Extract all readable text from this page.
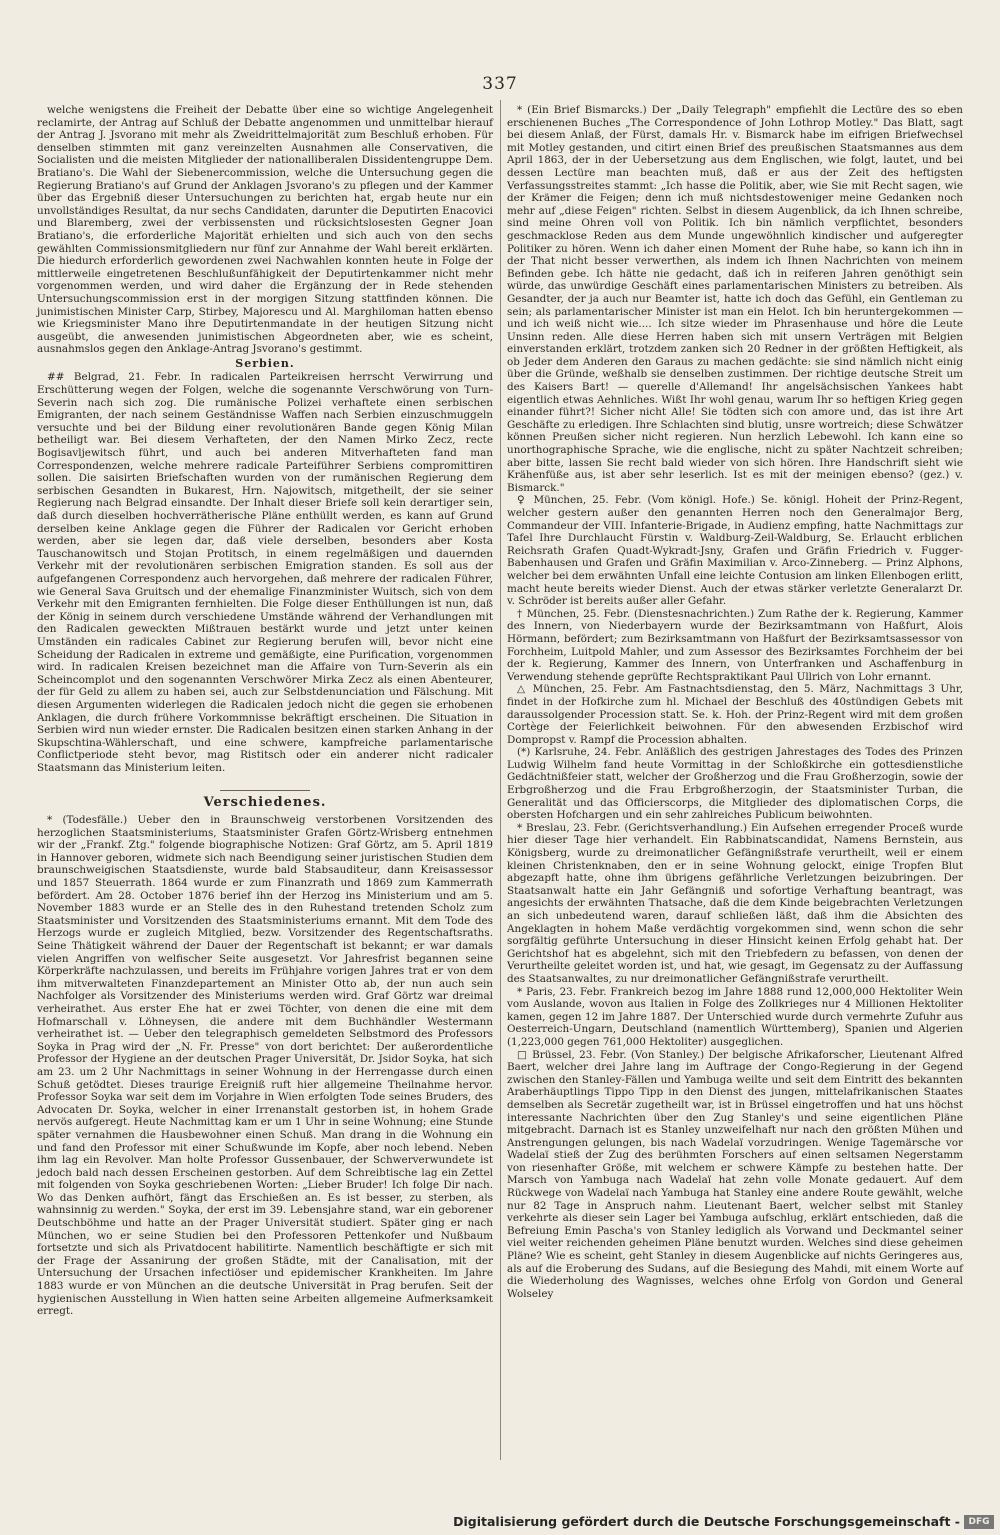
337

welche wenigstens die Freiheit der Debatte über eine so wichtige Angelegenheit reclamirte, der Antrag auf Schluß der Debatte angenommen und unmittelbar hierauf der Antrag J. Jsvorano mit mehr als Zweidrittelmajorität zum Beschluß erhoben. Für denselben stimmten mit ganz vereinzelten Ausnahmen alle Conservativen, die Socialisten und die meisten Mitglieder der nationalliberalen Dissidentengruppe Dem. Bratiano's. Die Wahl der Siebenercommission, welche die Untersuchung gegen die Regierung Bratiano's auf Grund der Anklagen Jsvorano's zu pflegen und der Kammer über das Ergebniß dieser Untersuchungen zu berichten hat, ergab heute nur ein unvollständiges Resultat, da nur sechs Candidaten, darunter die Deputirten Enacovici und Blaremberg, zwei der verbissensten und rücksichtslosesten Gegner Joan Bratiano's, die erforderliche Majorität erhielten und sich auch von den sechs gewählten Commissionsmitgliedern nur fünf zur Annahme der Wahl bereit erklärten. Die hiedurch erforderlich gewordenen zwei Nachwahlen konnten heute in Folge der mittlerweile eingetretenen Beschlußunfähigkeit der Deputirtenkammer nicht mehr vorgenommen werden, und wird daher die Ergänzung der in Rede stehenden Untersuchungscommission erst in der morgigen Sitzung stattfinden können. Die junimistischen Minister Carp, Stirbey, Majorescu und Al. Marghiloman hatten ebenso wie Kriegsminister Mano ihre Deputirtenmandate in der heutigen Sitzung nicht ausgeübt, die anwesenden junimistischen Abgeordneten aber, wie es scheint, ausnahmslos gegen den Anklage-Antrag Jsvorano's gestimmt.

Serbien.

## Belgrad, 21. Febr. In radicalen Parteikreisen herrscht Verwirrung und Erschütterung wegen der Folgen, welche die sogenannte Verschwörung von Turn-Severin nach sich zog. Die rumänische Polizei verhaftete einen serbischen Emigranten, der nach seinem Geständnisse Waffen nach Serbien einzuschmuggeln versuchte und bei der Bildung einer revolutionären Bande gegen König Milan betheiligt war. Bei diesem Verhafteten, der den Namen Mirko Zecz, recte Bogisavljewitsch führt, und auch bei anderen Mitverhafteten fand man Correspondenzen, welche mehrere radicale Parteiführer Serbiens compromittiren sollen. Die saisirten Briefschaften wurden von der rumänischen Regierung dem serbischen Gesandten in Bukarest, Hrn. Najowitsch, mitgetheilt, der sie seiner Regierung nach Belgrad einsandte. Der Inhalt dieser Briefe soll kein derartiger sein, daß durch dieselben hochverrätherische Pläne enthüllt werden, es kann auf Grund derselben keine Anklage gegen die Führer der Radicalen vor Gericht erhoben werden, aber sie legen dar, daß viele derselben, besonders aber Kosta Tauschanowitsch und Stojan Protitsch, in einem regelmäßigen und dauernden Verkehr mit der revolutionären serbischen Emigration standen. Es soll aus der aufgefangenen Correspondenz auch hervorgehen, daß mehrere der radicalen Führer, wie General Sava Gruitsch und der ehemalige Finanzminister Wuitsch, sich von dem Verkehr mit den Emigranten fernhielten. Die Folge dieser Enthüllungen ist nun, daß der König in seinem durch verschiedene Umstände während der Verhandlungen mit den Radicalen geweckten Mißtrauen bestärkt wurde und jetzt unter keinen Umständen ein radicales Cabinet zur Regierung berufen will, bevor nicht eine Scheidung der Radicalen in extreme und gemäßigte, eine Purification, vorgenommen wird. In radicalen Kreisen bezeichnet man die Affaire von Turn-Severin als ein Scheincomplot und den sogenannten Verschwörer Mirka Zecz als einen Abenteurer, der für Geld zu allem zu haben sei, auch zur Selbstdenunciation und Fälschung. Mit diesen Argumenten widerlegen die Radicalen jedoch nicht die gegen sie erhobenen Anklagen, die durch frühere Vorkommnisse bekräftigt erscheinen. Die Situation in Serbien wird nun wieder ernster. Die Radicalen besitzen einen starken Anhang in der Skupschtina-Wählerschaft, und eine schwere, kampfreiche parlamentarische Conflictperiode steht bevor, mag Ristitsch oder ein anderer nicht radicaler Staatsmann das Ministerium leiten.

Verschiedenes.

* (Todesfälle.) Ueber den in Braunschweig verstorbenen Vorsitzenden des herzoglichen Staatsministeriums, Staatsminister Grafen Görtz-Wrisberg entnehmen wir der „Frankf. Ztg." folgende biographische Notizen: Graf Görtz, am 5. April 1819 in Hannover geboren, widmete sich nach Beendigung seiner juristischen Studien dem braunschweigischen Staatsdienste, wurde bald Stabsauditeur, dann Kreisassessor und 1857 Steuerrath. 1864 wurde er zum Finanzrath und 1869 zum Kammerrath befördert. Am 28. October 1876 berief ihn der Herzog ins Ministerium und am 5. November 1883 wurde er an Stelle des in den Ruhestand tretenden Scholz zum Staatsminister und Vorsitzenden des Staatsministeriums ernannt. Mit dem Tode des Herzogs wurde er zugleich Mitglied, bezw. Vorsitzender des Regentschaftsraths. Seine Thätigkeit während der Dauer der Regentschaft ist bekannt; er war damals vielen Angriffen von welfischer Seite ausgesetzt. Vor Jahresfrist begannen seine Körperkräfte nachzulassen, und bereits im Frühjahre vorigen Jahres trat er von dem ihm mitverwalteten Finanzdepartement an Minister Otto ab, der nun auch sein Nachfolger als Vorsitzender des Ministeriums werden wird. Graf Görtz war dreimal verheirathet. Aus erster Ehe hat er zwei Töchter, von denen die eine mit dem Hofmarschall v. Löhneysen, die andere mit dem Buchhändler Westermann verheirathet ist. — Ueber den telegraphisch gemeldeten Selbstmord des Professors Soyka in Prag wird der „N. Fr. Presse" von dort berichtet: Der außerordentliche Professor der Hygiene an der deutschen Prager Universität, Dr. Jsidor Soyka, hat sich am 23. um 2 Uhr Nachmittags in seiner Wohnung in der Herrengasse durch einen Schuß getödtet. Dieses traurige Ereigniß ruft hier allgemeine Theilnahme hervor. Professor Soyka war seit dem im Vorjahre in Wien erfolgten Tode seines Bruders, des Advocaten Dr. Soyka, welcher in einer Irrenanstalt gestorben ist, in hohem Grade nervös aufgeregt. Heute Nachmittag kam er um 1 Uhr in seine Wohnung; eine Stunde später vernahmen die Hausbewohner einen Schuß. Man drang in die Wohnung ein und fand den Professor mit einer Schußwunde im Kopfe, aber noch lebend. Neben ihm lag ein Revolver. Man holte Professor Gussenbauer, der Schwerverwundete ist jedoch bald nach dessen Erscheinen gestorben. Auf dem Schreibtische lag ein Zettel mit folgenden von Soyka geschriebenen Worten: „Lieber Bruder! Ich folge Dir nach. Wo das Denken aufhört, fängt das Erschießen an. Es ist besser, zu sterben, als wahnsinnig zu werden." Soyka, der erst im 39. Lebensjahre stand, war ein geborener Deutschböhme und hatte an der Prager Universität studiert. Später ging er nach München, wo er seine Studien bei den Professoren Pettenkofer und Nußbaum fortsetzte und sich als Privatdocent habilitirte. Namentlich beschäftigte er sich mit der Frage der Assanirung der großen Städte, mit der Canalisation, mit der Untersuchung der Ursachen infectiöser und epidemischer Krankheiten. Im Jahre 1883 wurde er von München an die deutsche Universität in Prag berufen. Seit der hygienischen Ausstellung in Wien hatten seine Arbeiten allgemeine Aufmerksamkeit erregt.

* (Ein Brief Bismarcks.) Der „Daily Telegraph" empfiehlt die Lectüre des so eben erschienenen Buches „The Correspondence of John Lothrop Motley." Das Blatt, sagt bei diesem Anlaß, der Fürst, damals Hr. v. Bismarck habe im eifrigen Briefwechsel mit Motley gestanden, und citirt einen Brief des preußischen Staatsmannes aus dem April 1863, der in der Uebersetzung aus dem Englischen, wie folgt, lautet, und bei dessen Lectüre man beachten muß, daß er aus der Zeit des heftigsten Verfassungsstreites stammt: „Ich hasse die Politik, aber, wie Sie mit Recht sagen, wie der Krämer die Feigen; denn ich muß nichtsdestoweniger meine Gedanken noch mehr auf „diese Feigen" richten. Selbst in diesem Augenblick, da ich Ihnen schreibe, sind meine Ohren voll von Politik. Ich bin nämlich verpflichtet, besonders geschmacklose Reden aus dem Munde ungewöhnlich kindischer und aufgeregter Politiker zu hören. Wenn ich daher einen Moment der Ruhe habe, so kann ich ihn in der That nicht besser verwerthen, als indem ich Ihnen Nachrichten von meinem Befinden gebe. Ich hätte nie gedacht, daß ich in reiferen Jahren genöthigt sein würde, das unwürdige Geschäft eines parlamentarischen Ministers zu betreiben. Als Gesandter, der ja auch nur Beamter ist, hatte ich doch das Gefühl, ein Gentleman zu sein; als parlamentarischer Minister ist man ein Helot. Ich bin heruntergekommen — und ich weiß nicht wie.... Ich sitze wieder im Phrasenhause und höre die Leute Unsinn reden. Alle diese Herren haben sich mit unsern Verträgen mit Belgien einverstanden erklärt, trotzdem zanken sich 20 Redner in der größten Heftigkeit, als ob Jeder dem Anderen den Garaus zu machen gedächte: sie sind nämlich nicht einig über die Gründe, weßhalb sie denselben zustimmen. Der richtige deutsche Streit um des Kaisers Bart! — querelle d'Allemand! Ihr angelsächsischen Yankees habt eigentlich etwas Aehnliches. Wißt Ihr wohl genau, warum Ihr so heftigen Krieg gegen einander führt?! Sicher nicht Alle! Sie tödten sich con amore und, das ist ihre Art Geschäfte zu erledigen. Ihre Schlachten sind blutig, unsre wortreich; diese Schwätzer können Preußen sicher nicht regieren. Nun herzlich Lebewohl. Ich kann eine so unorthographische Sprache, wie die englische, nicht zu später Nachtzeit schreiben; aber bitte, lassen Sie recht bald wieder von sich hören. Ihre Handschrift sieht wie Krähenfüße aus, ist aber sehr leserlich. Ist es mit der meinigen ebenso? (gez.) v. Bismarck."

♀ München, 25. Febr. (Vom königl. Hofe.) Se. königl. Hoheit der Prinz-Regent, welcher gestern außer den genannten Herren noch den Generalmajor Berg, Commandeur der VIII. Infanterie-Brigade, in Audienz empfing, hatte Nachmittags zur Tafel Ihre Durchlaucht Fürstin v. Waldburg-Zeil-Waldburg, Se. Erlaucht erblichen Reichsrath Grafen Quadt-Wykradt-Jsny, Grafen und Gräfin Friedrich v. Fugger-Babenhausen und Grafen und Gräfin Maximilian v. Arco-Zinneberg. — Prinz Alphons, welcher bei dem erwähnten Unfall eine leichte Contusion am linken Ellenbogen erlitt, macht heute bereits wieder Dienst. Auch der etwas stärker verletzte Generalarzt Dr. v. Schröder ist bereits außer aller Gefahr.

† München, 25. Febr. (Dienstesnachrichten.) Zum Rathe der k. Regierung, Kammer des Innern, von Niederbayern wurde der Bezirksamtmann von Haßfurt, Alois Hörmann, befördert; zum Bezirksamtmann von Haßfurt der Bezirksamtsassessor von Forchheim, Luitpold Mahler, und zum Assessor des Bezirksamtes Forchheim der bei der k. Regierung, Kammer des Innern, von Unterfranken und Aschaffenburg in Verwendung stehende geprüfte Rechtspraktikant Paul Ullrich von Lohr ernannt.

△ München, 25. Febr. Am Fastnachtsdienstag, den 5. März, Nachmittags 3 Uhr, findet in der Hofkirche zum hl. Michael der Beschluß des 40stündigen Gebets mit daraussolgender Procession statt. Se. k. Hoh. der Prinz-Regent wird mit dem großen Cortège der Feierlichkeit beiwohnen. Für den abwesenden Erzbischof wird Dompropst v. Rampf die Procession abhalten.

(*) Karlsruhe, 24. Febr. Anläßlich des gestrigen Jahrestages des Todes des Prinzen Ludwig Wilhelm fand heute Vormittag in der Schloßkirche ein gottesdienstliche Gedächtnißfeier statt, welcher der Großherzog und die Frau Großherzogin, sowie der Erbgroßherzog und die Frau Erbgroßherzogin, der Staatsminister Turban, die Generalität und das Officierscorps, die Mitglieder des diplomatischen Corps, die obersten Hofchargen und ein sehr zahlreiches Publicum beiwohnten.

* Breslau, 23. Febr. (Gerichtsverhandlung.) Ein Aufsehen erregender Proceß wurde hier dieser Tage hier verhandelt. Ein Rabbinatscandidat, Namens Bernstein, aus Königsberg, wurde zu dreimonatlicher Gefängnißstrafe verurtheilt, weil er einem kleinen Christenknaben, den er in seine Wohnung gelockt, einige Tropfen Blut abgezapft hatte, ohne ihm übrigens gefährliche Verletzungen beizubringen. Der Staatsanwalt hatte ein Jahr Gefängniß und sofortige Verhaftung beantragt, was angesichts der erwähnten Thatsache, daß die dem Kinde beigebrachten Verletzungen an sich unbedeutend waren, darauf schließen läßt, daß ihm die Absichten des Angeklagten in hohem Maße verdächtig vorgekommen sind, wenn schon die sehr sorgfältig geführte Untersuchung in dieser Hinsicht keinen Erfolg gehabt hat. Der Gerichtshof hat es abgelehnt, sich mit den Triebfedern zu befassen, von denen der Verurtheilte geleitet worden ist, und hat, wie gesagt, im Gegensatz zu der Auffassung des Staatsanwaltes, zu nur dreimonatlicher Gefängnißstrafe verurtheilt.

* Paris, 23. Febr. Frankreich bezog im Jahre 1888 rund 12,000,000 Hektoliter Wein vom Auslande, wovon aus Italien in Folge des Zollkrieges nur 4 Millionen Hektoliter kamen, gegen 12 im Jahre 1887. Der Unterschied wurde durch vermehrte Zufuhr aus Oesterreich-Ungarn, Deutschland (namentlich Württemberg), Spanien und Algerien (1,223,000 gegen 761,000 Hektoliter) ausgeglichen.

□ Brüssel, 23. Febr. (Von Stanley.) Der belgische Afrikaforscher, Lieutenant Alfred Baert, welcher drei Jahre lang im Auftrage der Congo-Regierung in der Gegend zwischen den Stanley-Fällen und Yambuga weilte und seit dem Eintritt des bekannten Araberhäuptlings Tippo Tipp in den Dienst des jungen, mittelafrikanischen Staates demselben als Secretär zugetheilt war, ist in Brüssel eingetroffen und hat uns höchst interessante Nachrichten über den Zug Stanley's und seine eigentlichen Pläne mitgebracht. Darnach ist es Stanley unzweifelhaft nur nach den größten Mühen und Anstrengungen gelungen, bis nach Wadelaï vorzudringen. Wenige Tagemärsche vor Wadelaï stieß der Zug des berühmten Forschers auf einen seltsamen Negerstamm von riesenhafter Größe, mit welchem er schwere Kämpfe zu bestehen hatte. Der Marsch von Yambuga nach Wadelaï hat zehn volle Monate gedauert. Auf dem Rückwege von Wadelaï nach Yambuga hat Stanley eine andere Route gewählt, welche nur 82 Tage in Anspruch nahm. Lieutenant Baert, welcher selbst mit Stanley verkehrte als dieser sein Lager bei Yambuga aufschlug, erklärt entschieden, daß die Befreiung Emin Pascha's von Stanley lediglich als Vorwand und Deckmantel seiner viel weiter reichenden geheimen Pläne benutzt wurden. Welches sind diese geheimen Pläne? Wie es scheint, geht Stanley in diesem Augenblicke auf nichts Geringeres aus, als auf die Eroberung des Sudans, auf die Besiegung des Mahdi, mit einem Worte auf die Wiederholung des Wagnisses, welches ohne Erfolg von Gordon und General Wolseley

Digitalisierung gefördert durch die Deutsche Forschungsgemeinschaft - DFG
